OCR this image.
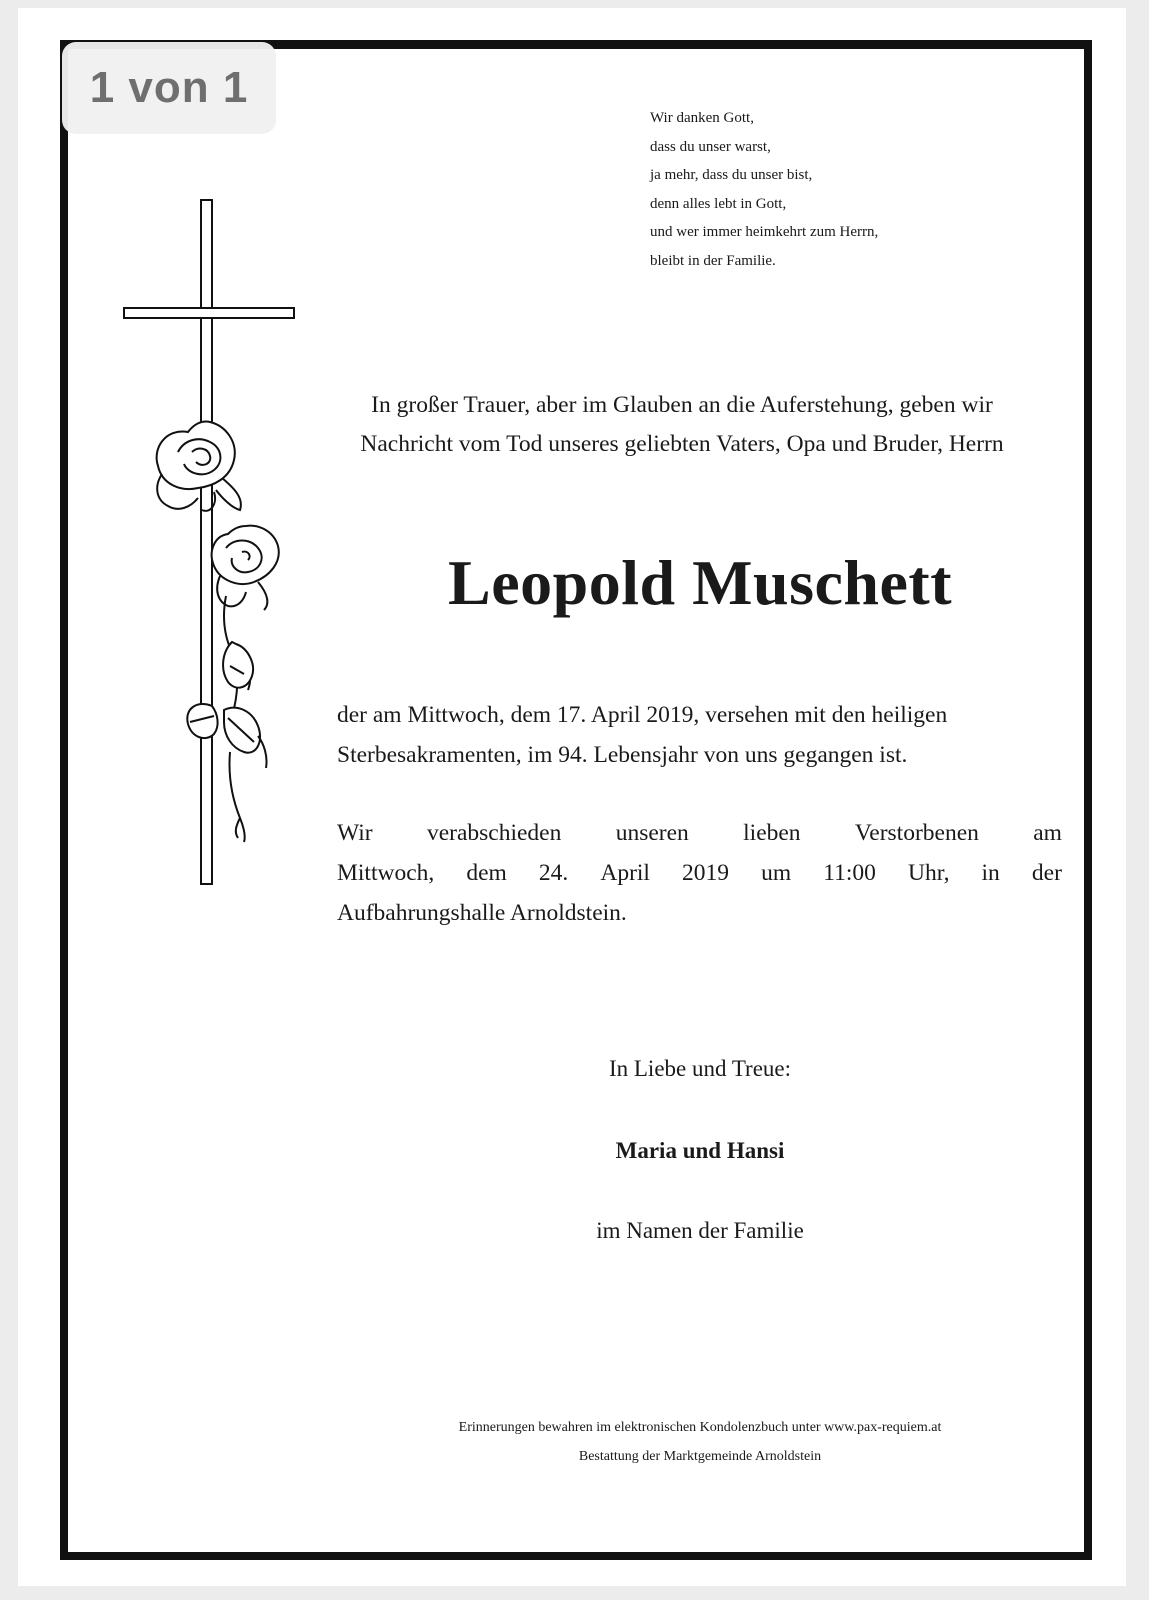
1 von 1
Wir danken Gott,
dass du unser warst,
ja mehr, dass du unser bist,
denn alles lebt in Gott,
und wer immer heimkehrt zum Herrn,
bleibt in der Familie.

In großer Trauer, aber im Glauben an die Auferstehung, geben wir
Nachricht vom Tod unseres geliebten Vaters, Opa und Bruder, Herrn

Leopold Muschett

der am Mittwoch, dem 17. April 2019, versehen mit den heiligen
Sterbesakramenten, im 94. Lebensjahr von uns gegangen ist.

Wir verabschieden unseren lieben Verstorbenen am
Mittwoch, dem 24. April 2019 um 11:00 Uhr, in der
Aufbahrungshalle Arnoldstein.

In Liebe und Treue:

Maria und Hansi

im Namen der Familie

Erinnerungen bewahren im elektronischen Kondolenzbuch unter www.pax-requiem.at

Bestattung der Marktgemeinde Arnoldstein
